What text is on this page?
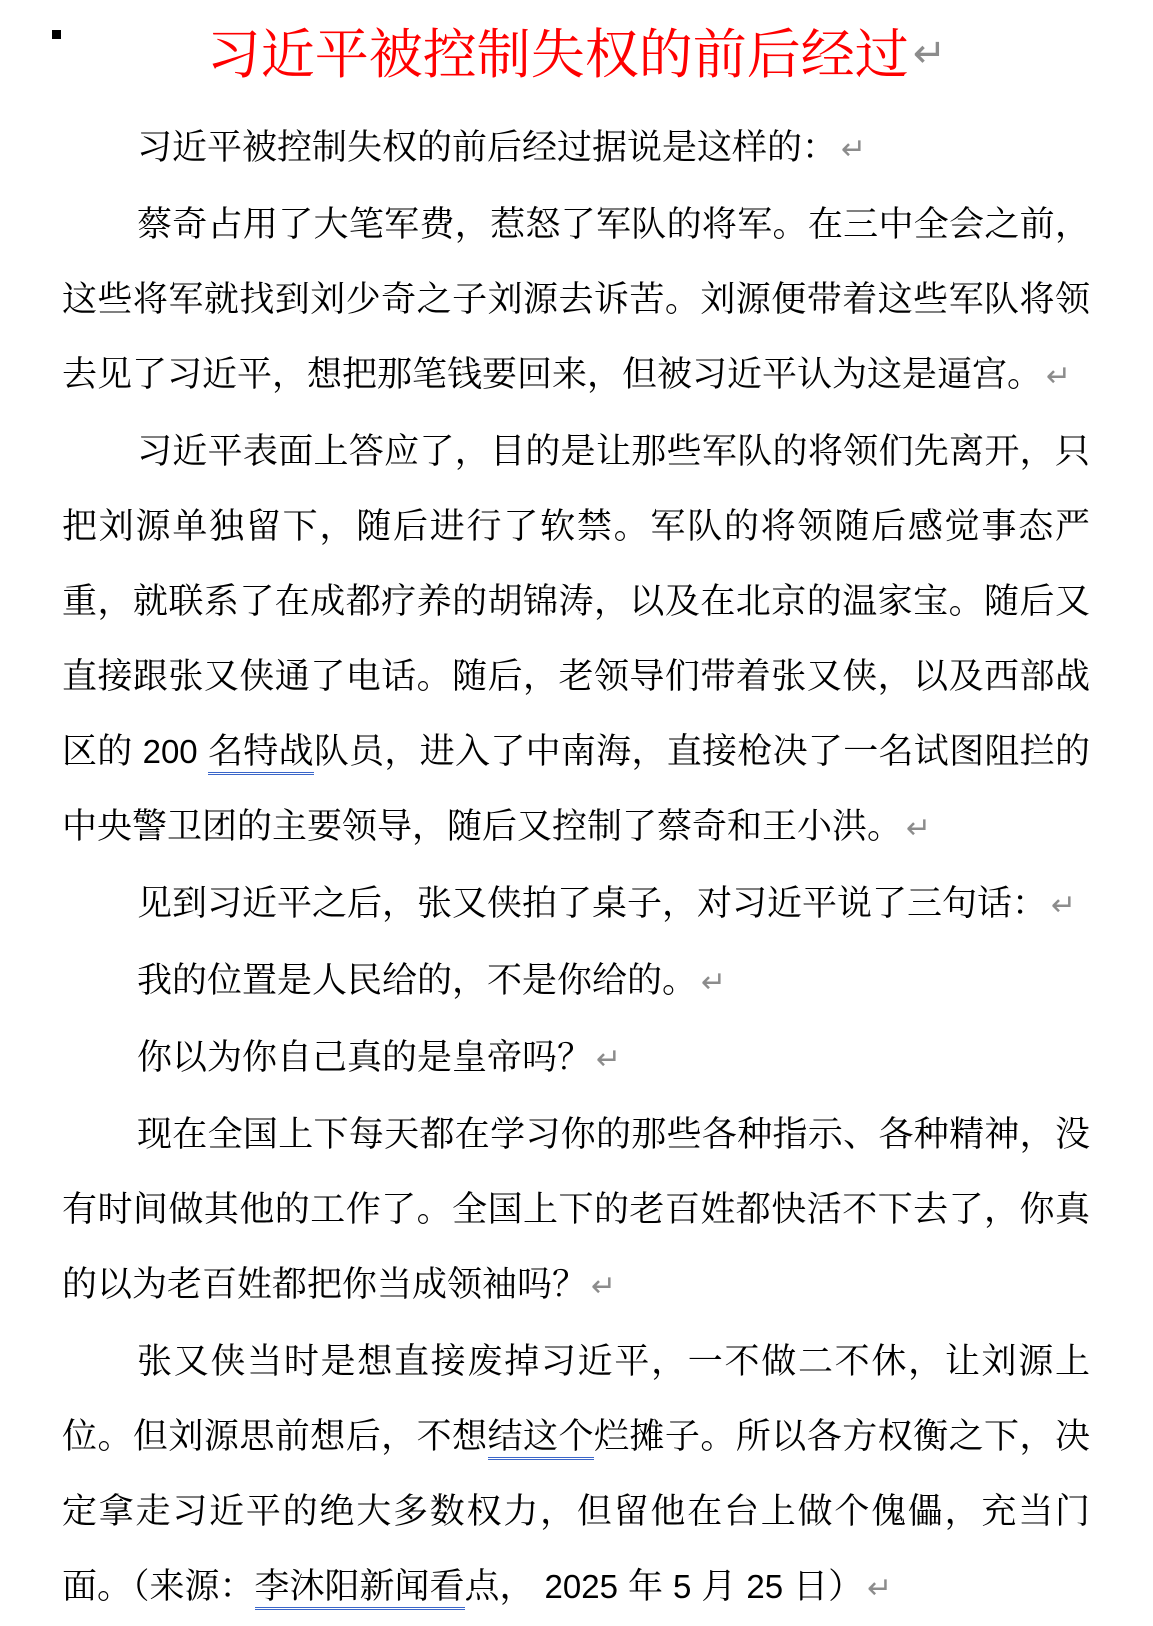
习近平被控制失权的前后经过 ↵

习近平被控制失权的前后经过据说是这样的： ↵

蔡奇占用了大笔军费，惹怒了军队的将军。在三中全会之前，这些将军就找到刘少奇之子刘源去诉苦。刘源便带着这些军队将领去见了习近平，想把那笔钱要回来，但被习近平认为这是逼宫。 ↵

习近平表面上答应了，目的是让那些军队的将领们先离开，只把刘源单独留下，随后进行了软禁。军队的将领随后感觉事态严重，就联系了在成都疗养的胡锦涛，以及在北京的温家宝。随后又直接跟张又侠通了电话。随后，老领导们带着张又侠，以及西部战区的 200 名特战队员，进入了中南海，直接枪决了一名试图阻拦的中央警卫团的主要领导，随后又控制了蔡奇和王小洪。 ↵

见到习近平之后，张又侠拍了桌子，对习近平说了三句话： ↵

我的位置是人民给的，不是你给的。 ↵

你以为你自己真的是皇帝吗？ ↵

现在全国上下每天都在学习你的那些各种指示、各种精神，没有时间做其他的工作了。全国上下的老百姓都快活不下去了，你真的以为老百姓都把你当成领袖吗？ ↵

张又侠当时是想直接废掉习近平，一不做二不休，让刘源上位。但刘源思前想后，不想结这个烂摊子。所以各方权衡之下，决定拿走习近平的绝大多数权力，但留他在台上做个傀儡，充当门面。（来源：李沐阳新闻看点， 2025 年 5 月 25 日） ↵
